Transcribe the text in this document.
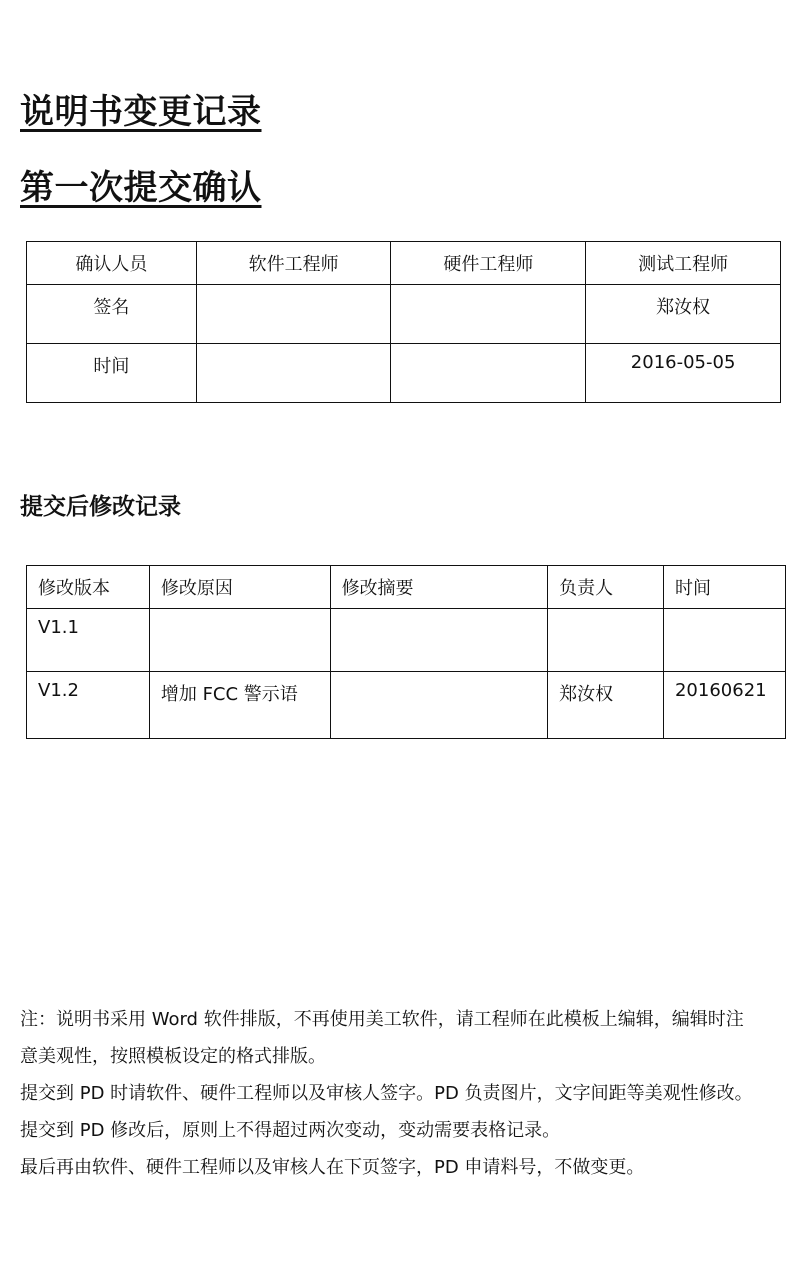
说明书变更记录
第一次提交确认
确认人员	软件工程师	硬件工程师	测试工程师
签名			郑汝权
时间			2016-05-05
提交后修改记录
修改版本	修改原因	修改摘要	负责人	时间
V1.1				
V1.2	增加 FCC 警示语		郑汝权	20160621
注：说明书采用 Word 软件排版，不再使用美工软件，请工程师在此模板上编辑，编辑时注
意美观性，按照模板设定的格式排版。
提交到 PD 时请软件、硬件工程师以及审核人签字。PD 负责图片，文字间距等美观性修改。
提交到 PD 修改后，原则上不得超过两次变动，变动需要表格记录。
最后再由软件、硬件工程师以及审核人在下页签字，PD 申请料号，不做变更。
